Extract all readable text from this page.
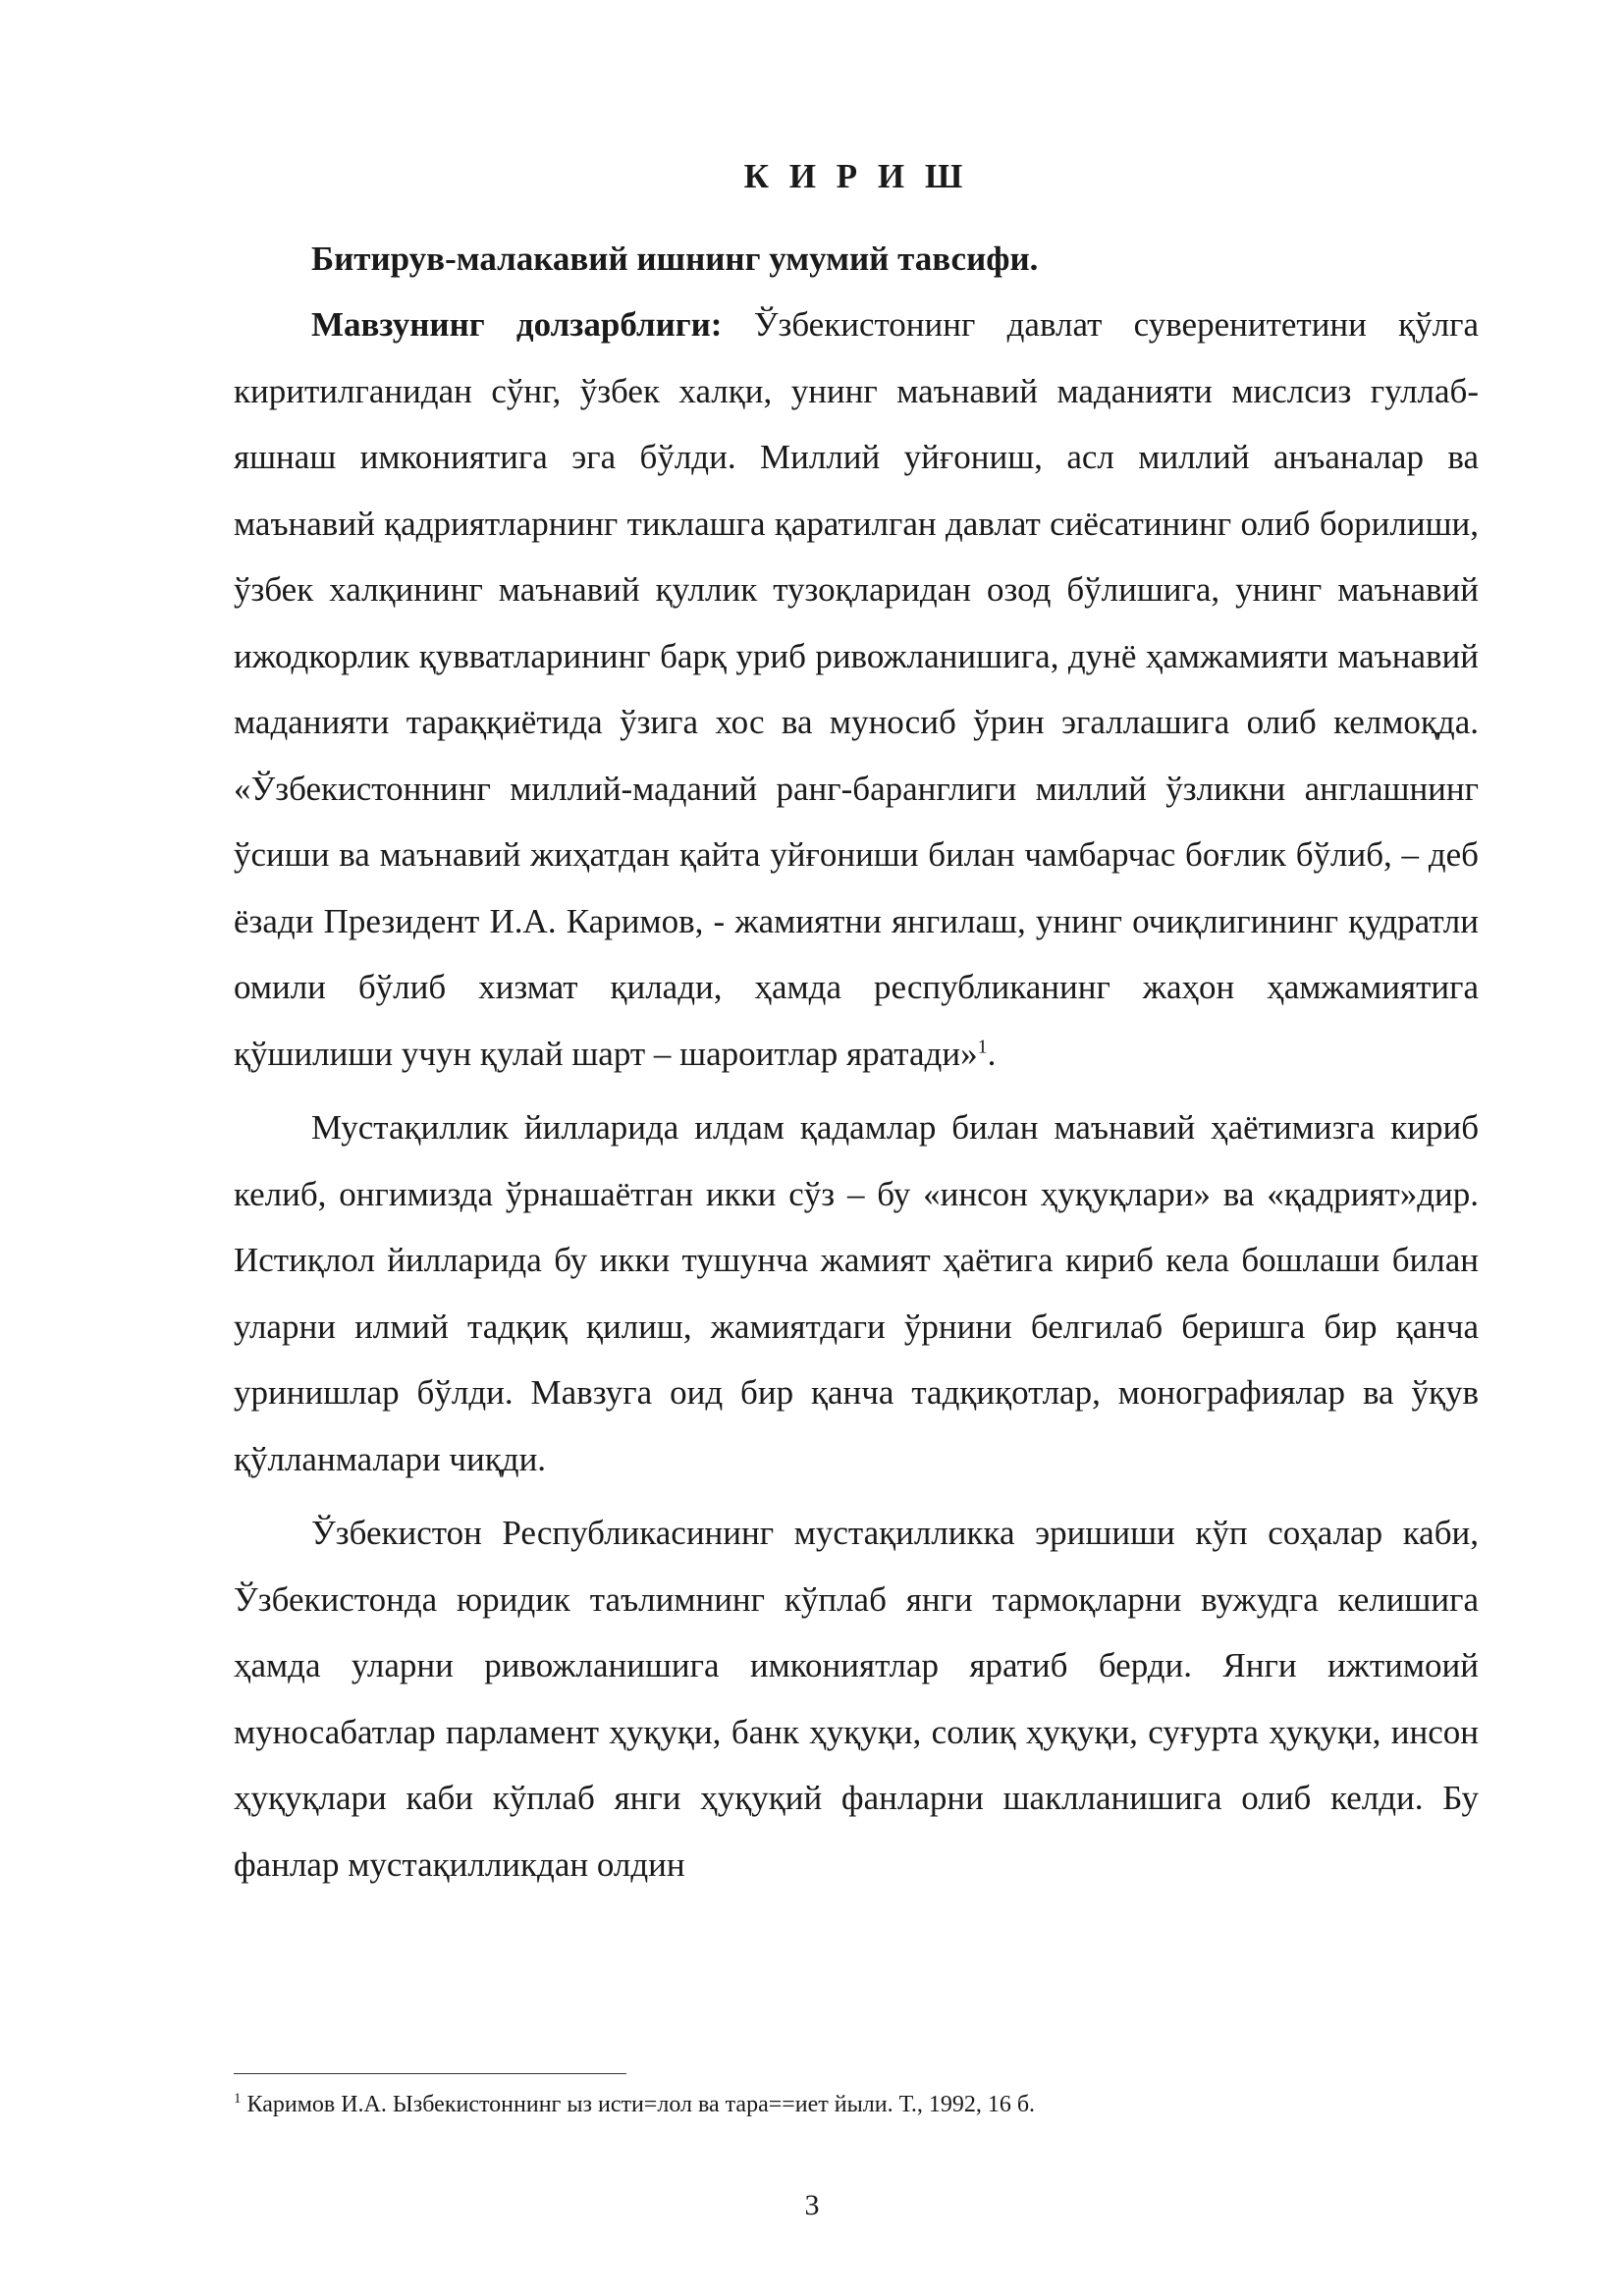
К И Р И Ш

Битирув-малакавий ишнинг умумий тавсифи.

Мавзунинг долзарблиги: Ўзбекистонинг давлат суверенитетини қўлга киритилганидан сўнг, ўзбек халқи, унинг маънавий маданияти мислсиз гуллаб-яшнаш имкониятига эга бўлди. Миллий уйғониш, асл миллий анъаналар ва маънавий қадриятларнинг тиклашга қаратилган давлат сиёсатининг олиб борилиши, ўзбек халқининг маънавий қуллик тузоқларидан озод бўлишига, унинг маънавий ижодкорлик қувватларининг барқ уриб ривожланишига, дунё ҳамжамияти маънавий маданияти тараққиётида ўзига хос ва муносиб ўрин эгаллашига олиб келмоқда. «Ўзбекистоннинг миллий-маданий ранг-баранглиги миллий ўзликни англашнинг ўсиши ва маънавий жиҳатдан қайта уйғониши билан чамбарчас боғлик бўлиб, – деб ёзади Президент И.А. Каримов, - жамиятни янгилаш, унинг очиқлигининг қудратли омили бўлиб хизмат қилади, ҳамда республиканинг жаҳон ҳамжамиятига қўшилиши учун қулай шарт – шароитлар яратади»$^1$.

Мустақиллик йилларида илдам қадамлар билан маънавий ҳаётимизга кириб келиб, онгимизда ўрнашаётган икки сўз – бу «инсон ҳуқуқлари» ва «қадрият»дир. Истиқлол йилларида бу икки тушунча жамият ҳаётига кириб кела бошлаши билан уларни илмий тадқиқ қилиш, жамиятдаги ўрнини белгилаб беришга бир қанча уринишлар бўлди. Мавзуга оид бир қанча тадқиқотлар, монографиялар ва ўқув қўлланмалари чиқди.

Ўзбекистон Республикасининг мустақилликка эришиши кўп соҳалар каби, Ўзбекистонда юридик таълимнинг кўплаб янги тармоқларни вужудга келишига ҳамда уларни ривожланишига имкониятлар яратиб берди. Янги ижтимоий муносабатлар парламент ҳуқуқи, банк ҳуқуқи, солиқ ҳуқуқи, суғурта ҳуқуқи, инсон ҳуқуқлари каби кўплаб янги ҳуқуқий фанларни шаклланишига олиб келди. Бу фанлар мустақилликдан олдин

$^1$ Каримов И.А. Ызбекистоннинг ыз исти=лол ва тара==иет йыли. Т., 1992, 16 б.
3
